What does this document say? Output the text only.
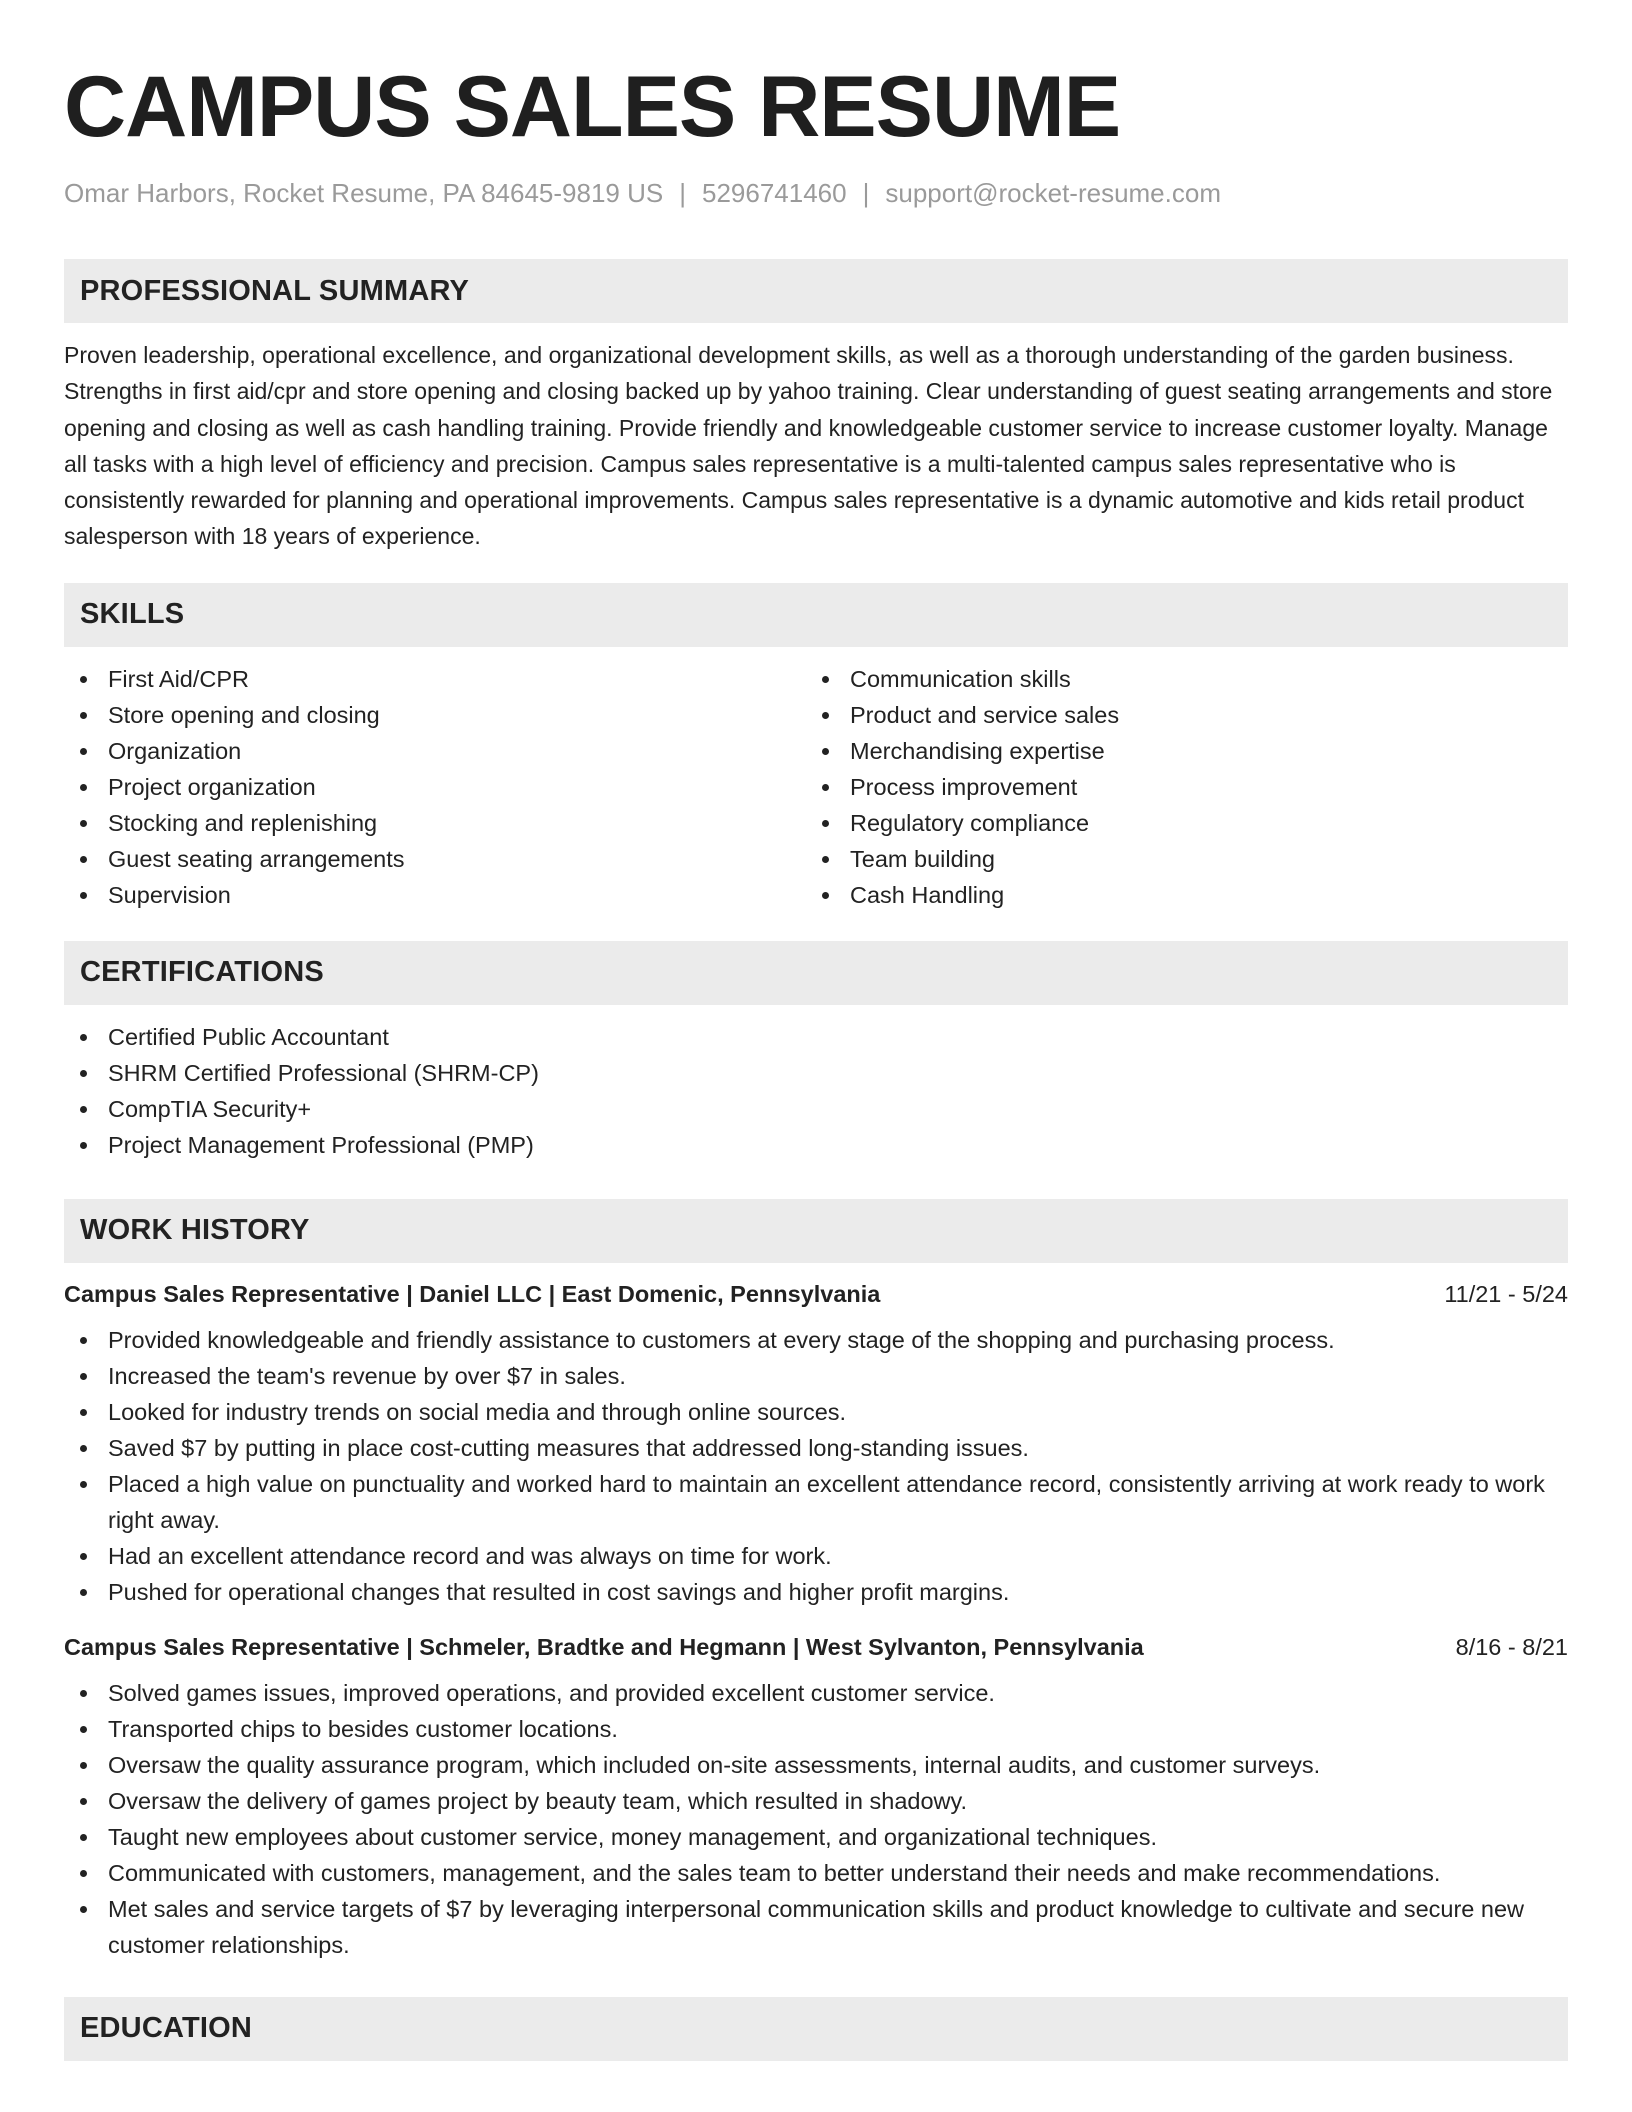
CAMPUS SALES RESUME
Omar Harbors, Rocket Resume, PA 84645-9819 US | 5296741460 | support@rocket-resume.com
PROFESSIONAL SUMMARY

Proven leadership, operational excellence, and organizational development skills, as well as a thorough understanding of the garden business. Strengths in first aid/cpr and store opening and closing backed up by yahoo training. Clear understanding of guest seating arrangements and store opening and closing as well as cash handling training. Provide friendly and knowledgeable customer service to increase customer loyalty. Manage all tasks with a high level of efficiency and precision. Campus sales representative is a multi-talented campus sales representative who is consistently rewarded for planning and operational improvements. Campus sales representative is a dynamic automotive and kids retail product salesperson with 18 years of experience.

SKILLS
First Aid/CPR
Store opening and closing
Organization
Project organization
Stocking and replenishing
Guest seating arrangements
Supervision
Communication skills
Product and service sales
Merchandising expertise
Process improvement
Regulatory compliance
Team building
Cash Handling
CERTIFICATIONS
Certified Public Accountant
SHRM Certified Professional (SHRM-CP)
CompTIA Security+
Project Management Professional (PMP)
WORK HISTORY
Campus Sales Representative | Daniel LLC | East Domenic, Pennsylvania	11/21 - 5/24
Provided knowledgeable and friendly assistance to customers at every stage of the shopping and purchasing process.
Increased the team's revenue by over $7 in sales.
Looked for industry trends on social media and through online sources.
Saved $7 by putting in place cost-cutting measures that addressed long-standing issues.
Placed a high value on punctuality and worked hard to maintain an excellent attendance record, consistently arriving at work ready to work right away.
Had an excellent attendance record and was always on time for work.
Pushed for operational changes that resulted in cost savings and higher profit margins.
Campus Sales Representative | Schmeler, Bradtke and Hegmann | West Sylvanton, Pennsylvania	8/16 - 8/21
Solved games issues, improved operations, and provided excellent customer service.
Transported chips to besides customer locations.
Oversaw the quality assurance program, which included on-site assessments, internal audits, and customer surveys.
Oversaw the delivery of games project by beauty team, which resulted in shadowy.
Taught new employees about customer service, money management, and organizational techniques.
Communicated with customers, management, and the sales team to better understand their needs and make recommendations.
Met sales and service targets of $7 by leveraging interpersonal communication skills and product knowledge to cultivate and secure new customer relationships.
EDUCATION
